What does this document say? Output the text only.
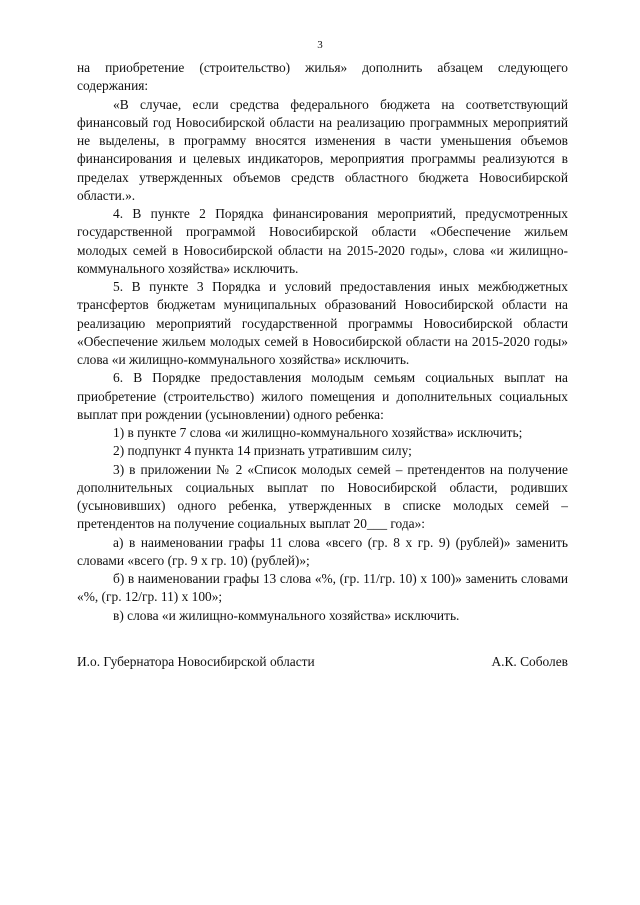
3

на приобретение (строительство) жилья» дополнить абзацем следующего содержания:

«В случае, если средства федерального бюджета на соответствующий финансовый год Новосибирской области на реализацию программных мероприятий не выделены, в программу вносятся изменения в части уменьшения объемов финансирования и целевых индикаторов, мероприятия программы реализуются в пределах утвержденных объемов средств областного бюджета Новосибирской области.».

4. В пункте 2 Порядка финансирования мероприятий, предусмотренных государственной программой Новосибирской области «Обеспечение жильем молодых семей в Новосибирской области на 2015-2020 годы», слова «и жилищно-коммунального хозяйства» исключить.

5. В пункте 3 Порядка и условий предоставления иных межбюджетных трансфертов бюджетам муниципальных образований Новосибирской области на реализацию мероприятий государственной программы Новосибирской области «Обеспечение жильем молодых семей в Новосибирской области на 2015-2020 годы» слова «и жилищно-коммунального хозяйства» исключить.

6. В Порядке предоставления молодым семьям социальных выплат на приобретение (строительство) жилого помещения и дополнительных социальных выплат при рождении (усыновлении) одного ребенка:

1) в пункте 7 слова «и жилищно-коммунального хозяйства» исключить;

2) подпункт 4 пункта 14 признать утратившим силу;

3) в приложении № 2 «Список молодых семей – претендентов на получение дополнительных социальных выплат по Новосибирской области, родивших (усыновивших) одного ребенка, утвержденных в списке молодых семей – претендентов на получение социальных выплат 20___ года»:

а) в наименовании графы 11 слова «всего (гр. 8 х гр. 9) (рублей)» заменить словами «всего (гр. 9 х гр. 10) (рублей)»;

б) в наименовании графы 13 слова «%, (гр. 11/гр. 10) х 100)» заменить словами «%, (гр. 12/гр. 11) х 100»;

в) слова «и жилищно-коммунального хозяйства» исключить.

И.о. Губернатора Новосибирской области	А.К. Соболев
